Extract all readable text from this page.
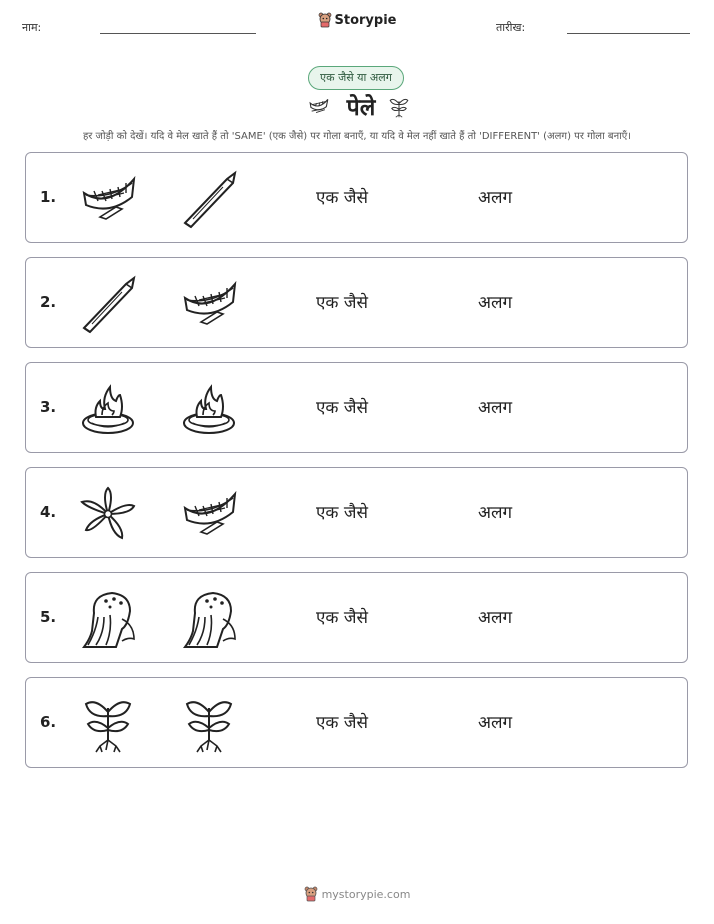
नाम:	Storypie	तारीख:
एक जैसे या अलग
पेले
हर जोड़ी को देखें। यदि वे मेल खाते हैं तो 'SAME' (एक जैसे) पर गोला बनाएँ, या यदि वे मेल नहीं खाते हैं तो 'DIFFERENT' (अलग) पर गोला बनाएँ।
1.	एक जैसे	अलग
2.	एक जैसे	अलग
3.	एक जैसे	अलग
4.	एक जैसे	अलग
5.	एक जैसे	अलग
6.	एक जैसे	अलग
mystorypie.com
